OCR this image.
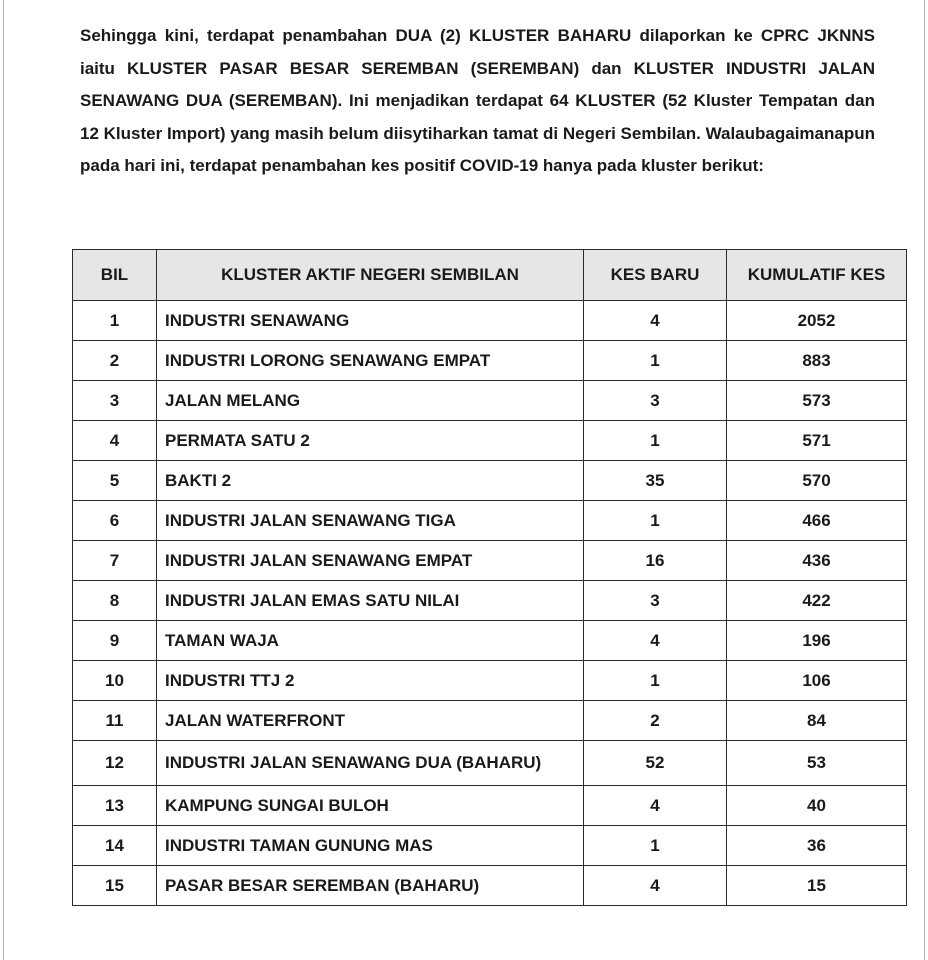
Sehingga kini, terdapat penambahan DUA (2) KLUSTER BAHARU dilaporkan ke CPRC JKNNS iaitu KLUSTER PASAR BESAR SEREMBAN (SEREMBAN) dan KLUSTER INDUSTRI JALAN SENAWANG DUA (SEREMBAN). Ini menjadikan terdapat 64 KLUSTER (52 Kluster Tempatan dan 12 Kluster Import) yang masih belum diisytiharkan tamat di Negeri Sembilan. Walaubagaimanapun pada hari ini, terdapat penambahan kes positif COVID-19 hanya pada kluster berikut:

BIL	KLUSTER AKTIF NEGERI SEMBILAN	KES BARU	KUMULATIF KES
1	INDUSTRI SENAWANG	4	2052
2	INDUSTRI LORONG SENAWANG EMPAT	1	883
3	JALAN MELANG	3	573
4	PERMATA SATU 2	1	571
5	BAKTI 2	35	570
6	INDUSTRI JALAN SENAWANG TIGA	1	466
7	INDUSTRI JALAN SENAWANG EMPAT	16	436
8	INDUSTRI JALAN EMAS SATU NILAI	3	422
9	TAMAN WAJA	4	196
10	INDUSTRI TTJ 2	1	106
11	JALAN WATERFRONT	2	84
12	INDUSTRI JALAN SENAWANG DUA (BAHARU)	52	53
13	KAMPUNG SUNGAI BULOH	4	40
14	INDUSTRI TAMAN GUNUNG MAS	1	36
15	PASAR BESAR SEREMBAN (BAHARU)	4	15
